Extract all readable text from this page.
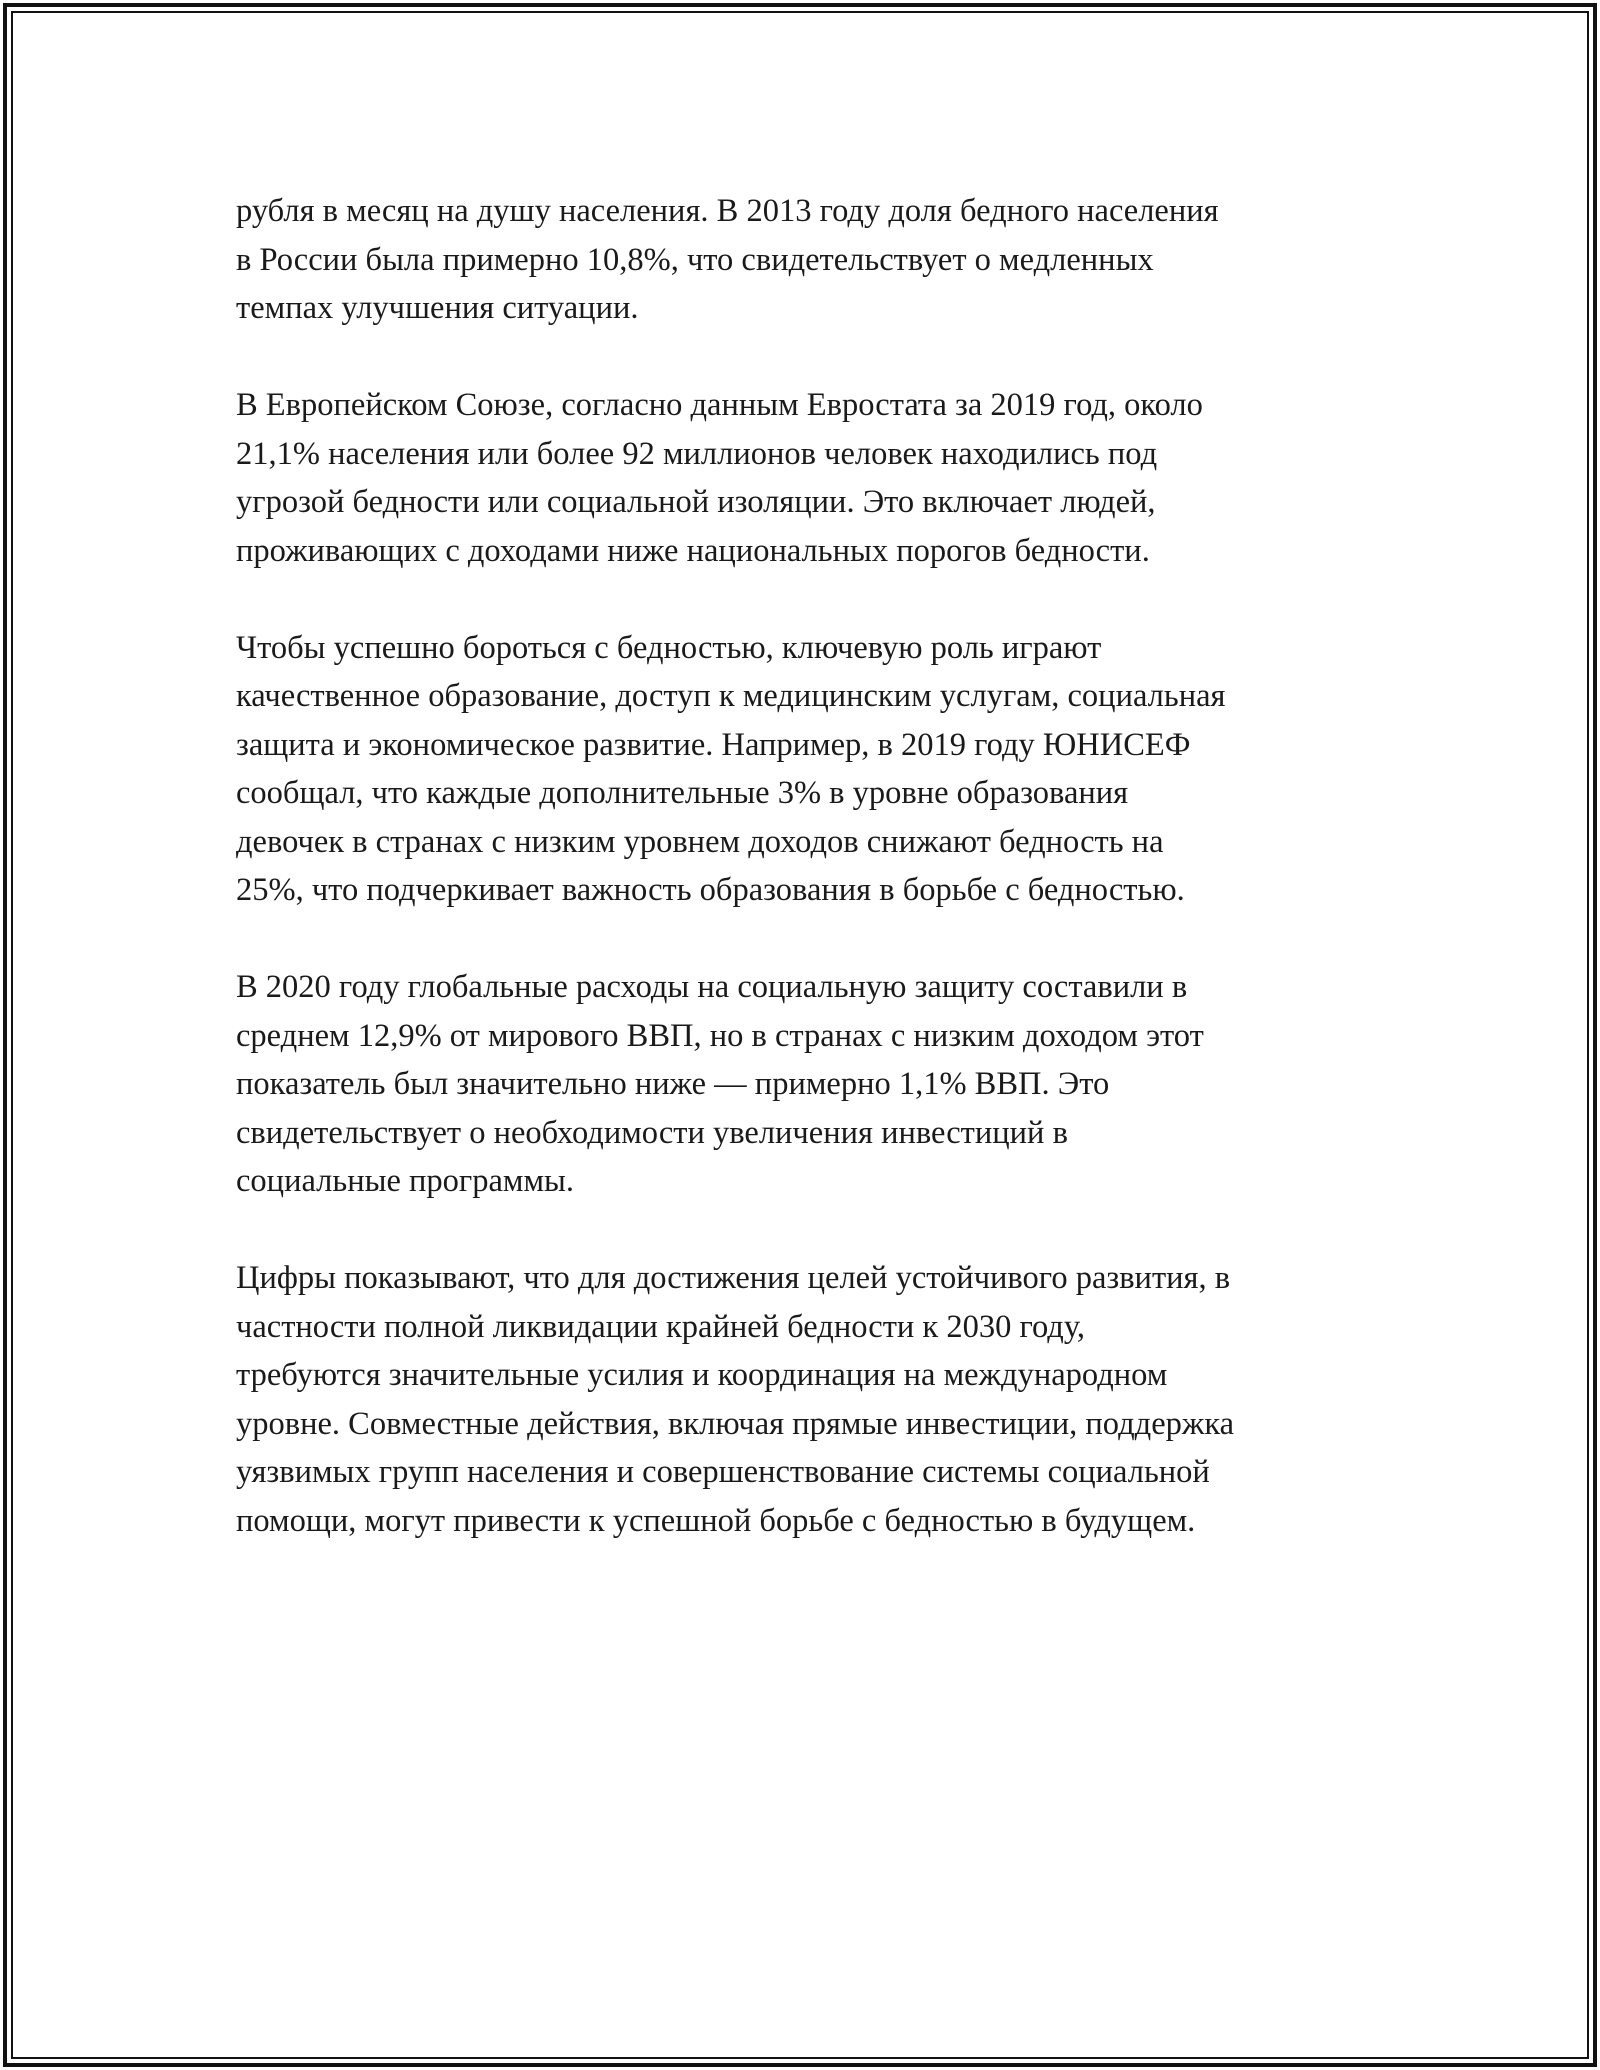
рубля в месяц на душу населения. В 2013 году доля бедного населения
в России была примерно 10,8%, что свидетельствует о медленных
темпах улучшения ситуации.

В Европейском Союзе, согласно данным Евростата за 2019 год, около
21,1% населения или более 92 миллионов человек находились под
угрозой бедности или социальной изоляции. Это включает людей,
проживающих с доходами ниже национальных порогов бедности.

Чтобы успешно бороться с бедностью, ключевую роль играют
качественное образование, доступ к медицинским услугам, социальная
защита и экономическое развитие. Например, в 2019 году ЮНИСЕФ
сообщал, что каждые дополнительные 3% в уровне образования
девочек в странах с низким уровнем доходов снижают бедность на
25%, что подчеркивает важность образования в борьбе с бедностью.

В 2020 году глобальные расходы на социальную защиту составили в
среднем 12,9% от мирового ВВП, но в странах с низким доходом этот
показатель был значительно ниже — примерно 1,1% ВВП. Это
свидетельствует о необходимости увеличения инвестиций в
социальные программы.

Цифры показывают, что для достижения целей устойчивого развития, в
частности полной ликвидации крайней бедности к 2030 году,
требуются значительные усилия и координация на международном
уровне. Совместные действия, включая прямые инвестиции, поддержка
уязвимых групп населения и совершенствование системы социальной
помощи, могут привести к успешной борьбе с бедностью в будущем.
